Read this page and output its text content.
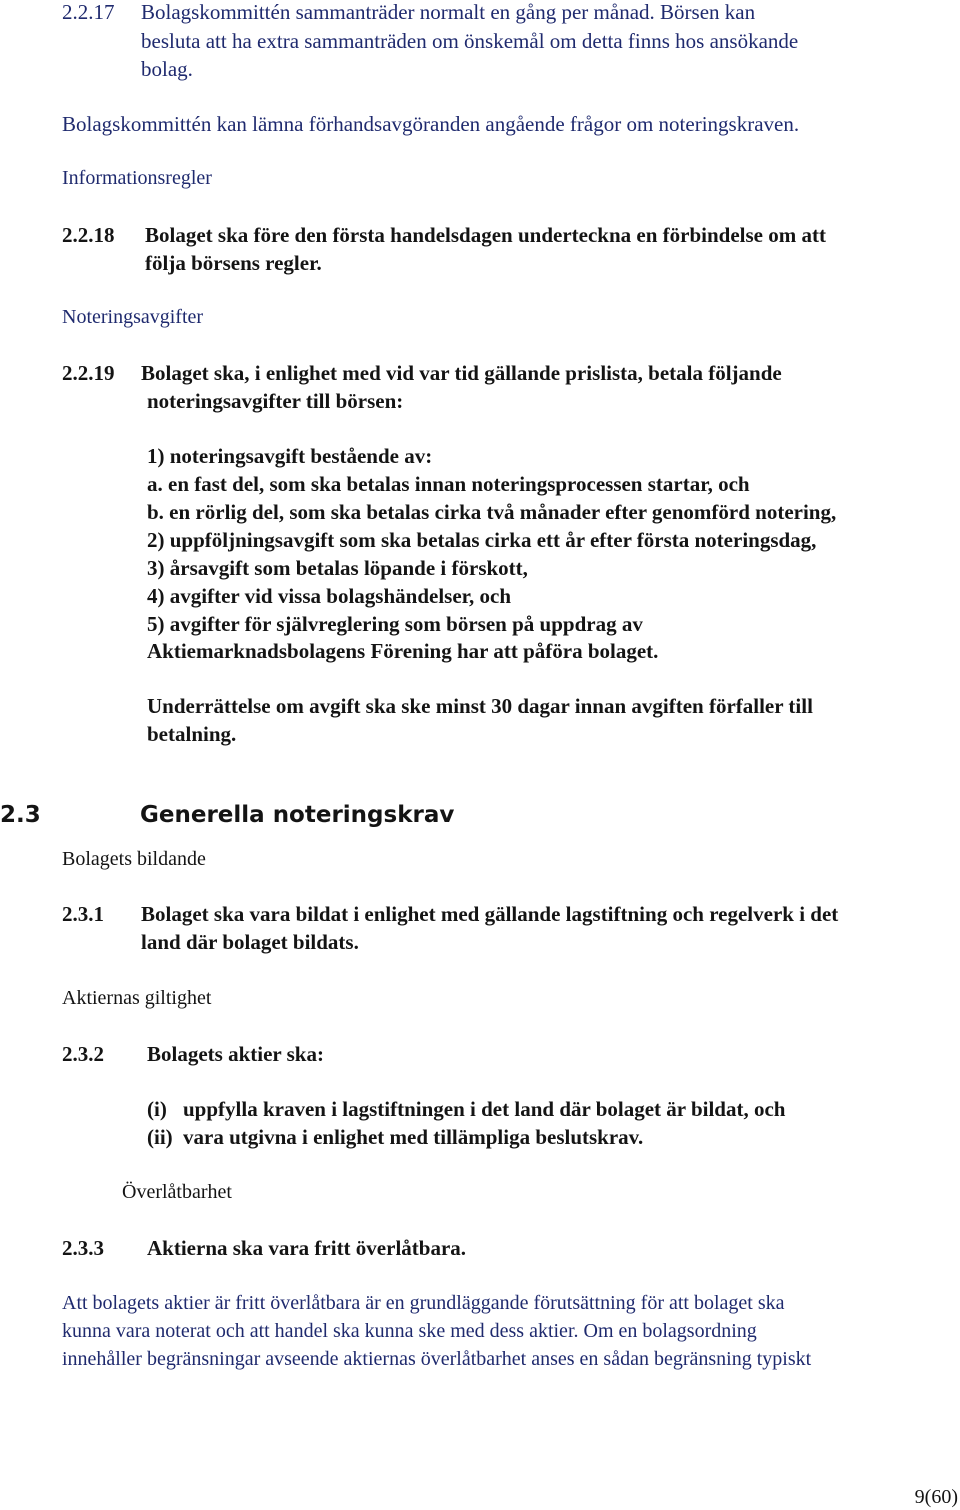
2.2.17 Bolagskommittén sammanträder normalt en gång per månad. Börsen kan
besluta att ha extra sammanträden om önskemål om detta finns hos ansökande
bolag.
Bolagskommittén kan lämna förhandsavgöranden angående frågor om noteringskraven.
Informationsregler
2.2.18 Bolaget ska före den första handelsdagen underteckna en förbindelse om att
följa börsens regler.
Noteringsavgifter
2.2.19 Bolaget ska, i enlighet med vid var tid gällande prislista, betala följande
noteringsavgifter till börsen:
1) noteringsavgift bestående av:
a. en fast del, som ska betalas innan noteringsprocessen startar, och
b. en rörlig del, som ska betalas cirka två månader efter genomförd notering,
2) uppföljningsavgift som ska betalas cirka ett år efter första noteringsdag,
3) årsavgift som betalas löpande i förskott,
4) avgifter vid vissa bolagshändelser, och
5) avgifter för självreglering som börsen på uppdrag av
Aktiemarknadsbolagens Förening har att påföra bolaget.
Underrättelse om avgift ska ske minst 30 dagar innan avgiften förfaller till
betalning.
2.3	Generella noteringskrav
Bolagets bildande
2.3.1 Bolaget ska vara bildat i enlighet med gällande lagstiftning och regelverk i det
land där bolaget bildats.
Aktiernas giltighet
2.3.2 Bolagets aktier ska:
(i) uppfylla kraven i lagstiftningen i det land där bolaget är bildat, och
(ii) vara utgivna i enlighet med tillämpliga beslutskrav.
Överlåtbarhet
2.3.3 Aktierna ska vara fritt överlåtbara.
Att bolagets aktier är fritt överlåtbara är en grundläggande förutsättning för att bolaget ska
kunna vara noterat och att handel ska kunna ske med dess aktier. Om en bolagsordning
innehåller begränsningar avseende aktiernas överlåtbarhet anses en sådan begränsning typiskt
9(60)
